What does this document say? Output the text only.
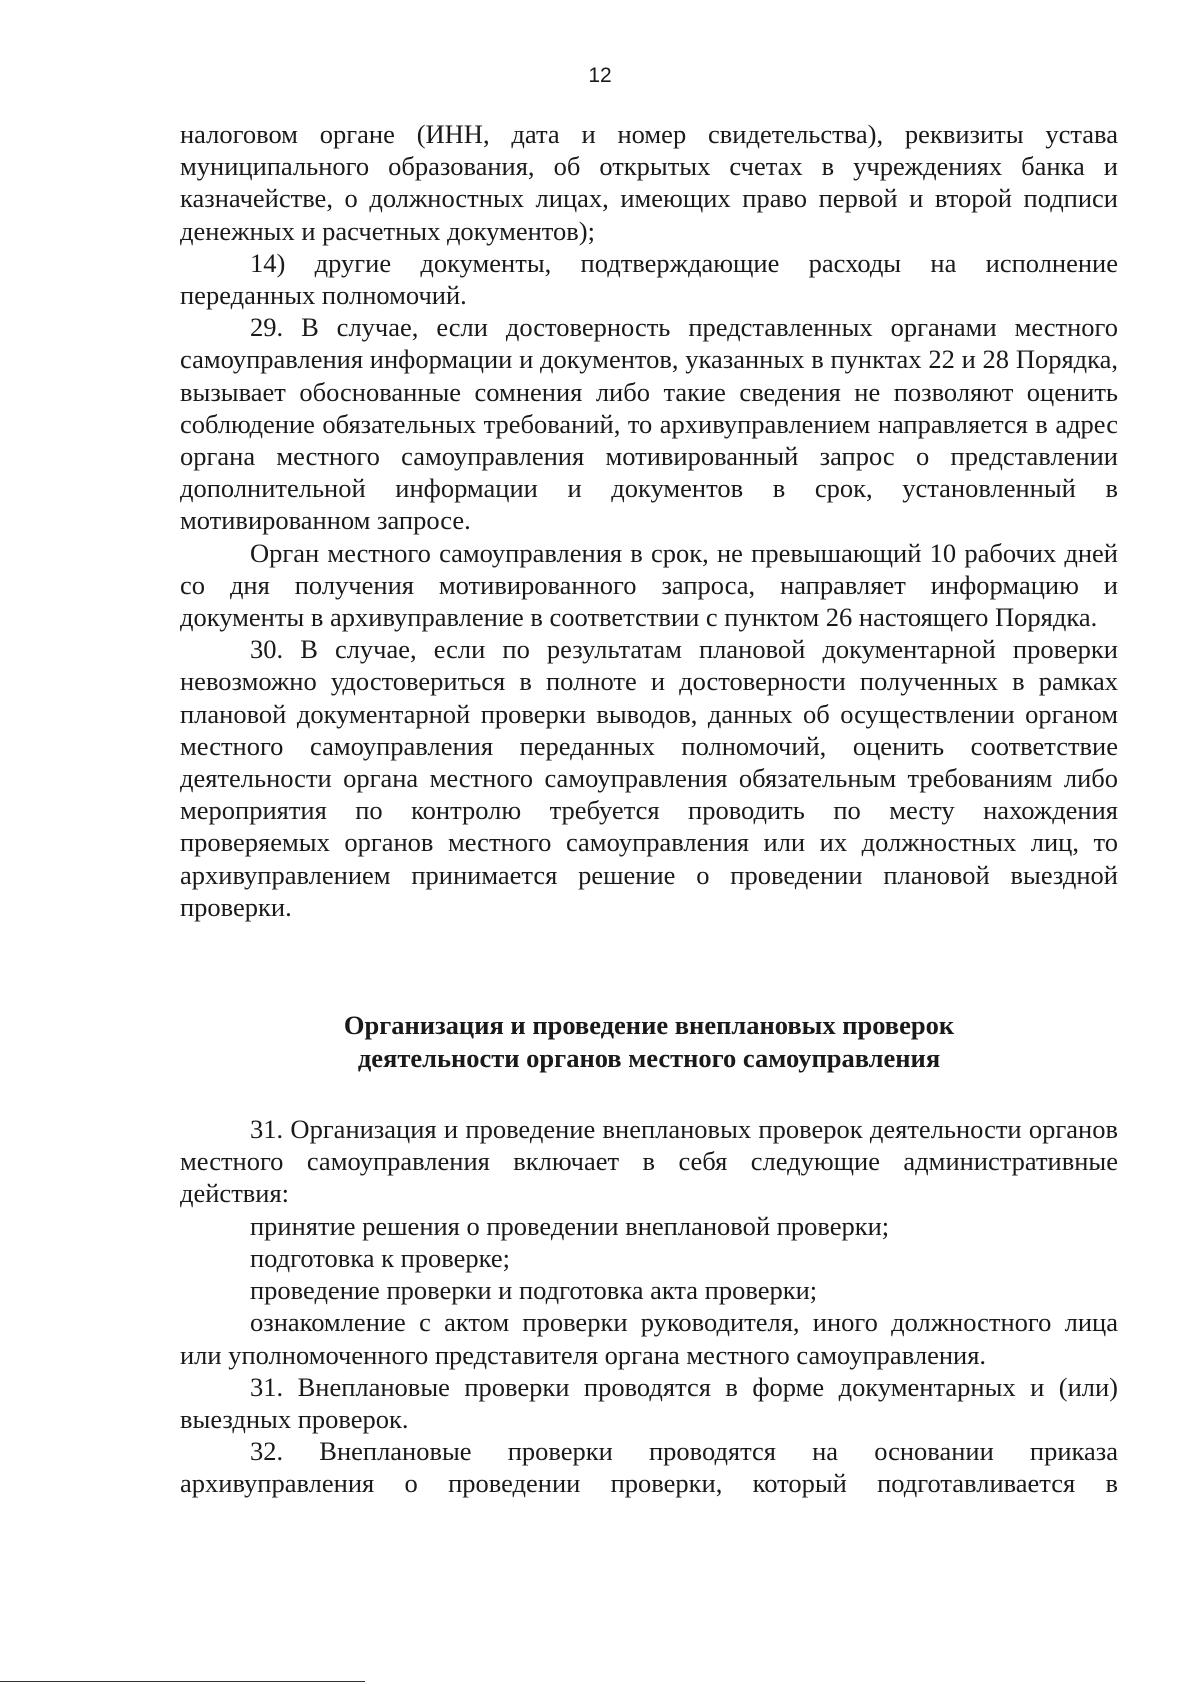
12

налоговом органе (ИНН, дата и номер свидетельства), реквизиты устава муниципального образования, об открытых счетах в учреждениях банка и казначействе, о должностных лицах, имеющих право первой и второй подписи денежных и расчетных документов);

14) другие документы, подтверждающие расходы на исполнение переданных полномочий.

29. В случае, если достоверность представленных органами местного самоуправления информации и документов, указанных в пунктах 22 и 28 Порядка, вызывает обоснованные сомнения либо такие сведения не позволяют оценить соблюдение обязательных требований, то архивуправлением направляется в адрес органа местного самоуправления мотивированный запрос о представлении дополнительной информации и документов в срок, установленный в мотивированном запросе.

Орган местного самоуправления в срок, не превышающий 10 рабочих дней со дня получения мотивированного запроса, направляет информацию и документы в архивуправление в соответствии с пунктом 26 настоящего Порядка.

30. В случае, если по результатам плановой документарной проверки невозможно удостовериться в полноте и достоверности полученных в рамках плановой документарной проверки выводов, данных об осуществлении органом местного самоуправления переданных полномочий, оценить соответствие деятельности органа местного самоуправления обязательным требованиям либо мероприятия по контролю требуется проводить по месту нахождения проверяемых органов местного самоуправления или их должностных лиц, то архивуправлением принимается решение о проведении плановой выездной проверки.

Организация и проведение внеплановых проверок
деятельности органов местного самоуправления

31. Организация и проведение внеплановых проверок деятельности органов местного самоуправления включает в себя следующие административные действия:

принятие решения о проведении внеплановой проверки;

подготовка к проверке;

проведение проверки и подготовка акта проверки;

ознакомление с актом проверки руководителя, иного должностного лица или уполномоченного представителя органа местного самоуправления.

31. Внеплановые проверки проводятся в форме документарных и (или) выездных проверок.

32. Внеплановые проверки проводятся на основании приказа архивуправления о проведении проверки, который подготавливается в
